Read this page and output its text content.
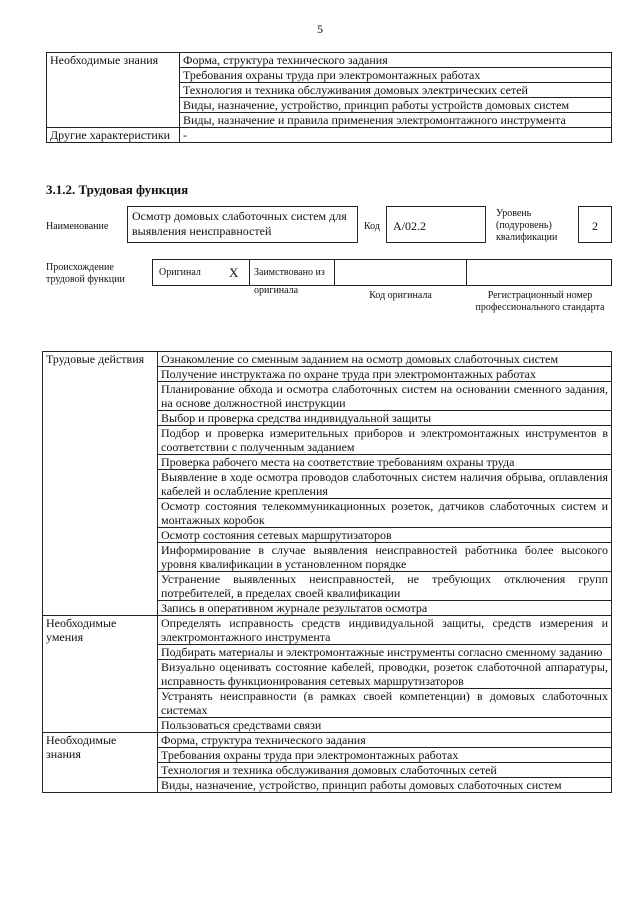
5
Необходимые знания	Форма, структура технического задания
	Требования охраны труда при электромонтажных работах
	Технология и техника обслуживания домовых электрических сетей
	Виды, назначение, устройство, принцип работы устройств домовых систем
	Виды, назначение и правила применения электромонтажного инструмента
Другие характеристики	-
3.1.2. Трудовая функция
Наименование
Осмотр домовых слаботочных систем для выявления неисправностей	Код	A/02.2
Уровень (подуровень) квалификации
2
Происхождение трудовой функции
Оригинал X	Заимствовано из оригинала	Код оригинала	Регистрационный номер профессионального стандарта
Трудовые действия	Ознакомление со сменным заданием на осмотр домовых слаботочных систем
	Получение инструктажа по охране труда при электромонтажных работах
	Планирование обхода и осмотра слаботочных систем на основании сменного задания, на основе должностной инструкции
	Выбор и проверка средства индивидуальной защиты
	Подбор и проверка измерительных приборов и электромонтажных инструментов в соответствии с полученным заданием
	Проверка рабочего места на соответствие требованиям охраны труда
	Выявление в ходе осмотра проводов слаботочных систем наличия обрыва, оплавления кабелей и ослабление крепления
	Осмотр состояния телекоммуникационных розеток, датчиков слаботочных систем и монтажных коробок
	Осмотр состояния сетевых маршрутизаторов
	Информирование в случае выявления неисправностей работника более высокого уровня квалификации в установленном порядке
	Устранение выявленных неисправностей, не требующих отключения групп потребителей, в пределах своей квалификации
	Запись в оперативном журнале результатов осмотра
Необходимые умения	Определять исправность средств индивидуальной защиты, средств измерения и электромонтажного инструмента
	Подбирать материалы и электромонтажные инструменты согласно сменному заданию
	Визуально оценивать состояние кабелей, проводки, розеток слаботочной аппаратуры, исправность функционирования сетевых маршрутизаторов
	Устранять неисправности (в рамках своей компетенции) в домовых слаботочных системах
	Пользоваться средствами связи
Необходимые знания	Форма, структура технического задания
	Требования охраны труда при электромонтажных работах
	Технология и техника обслуживания домовых слаботочных сетей
	Виды, назначение, устройство, принцип работы домовых слаботочных систем
